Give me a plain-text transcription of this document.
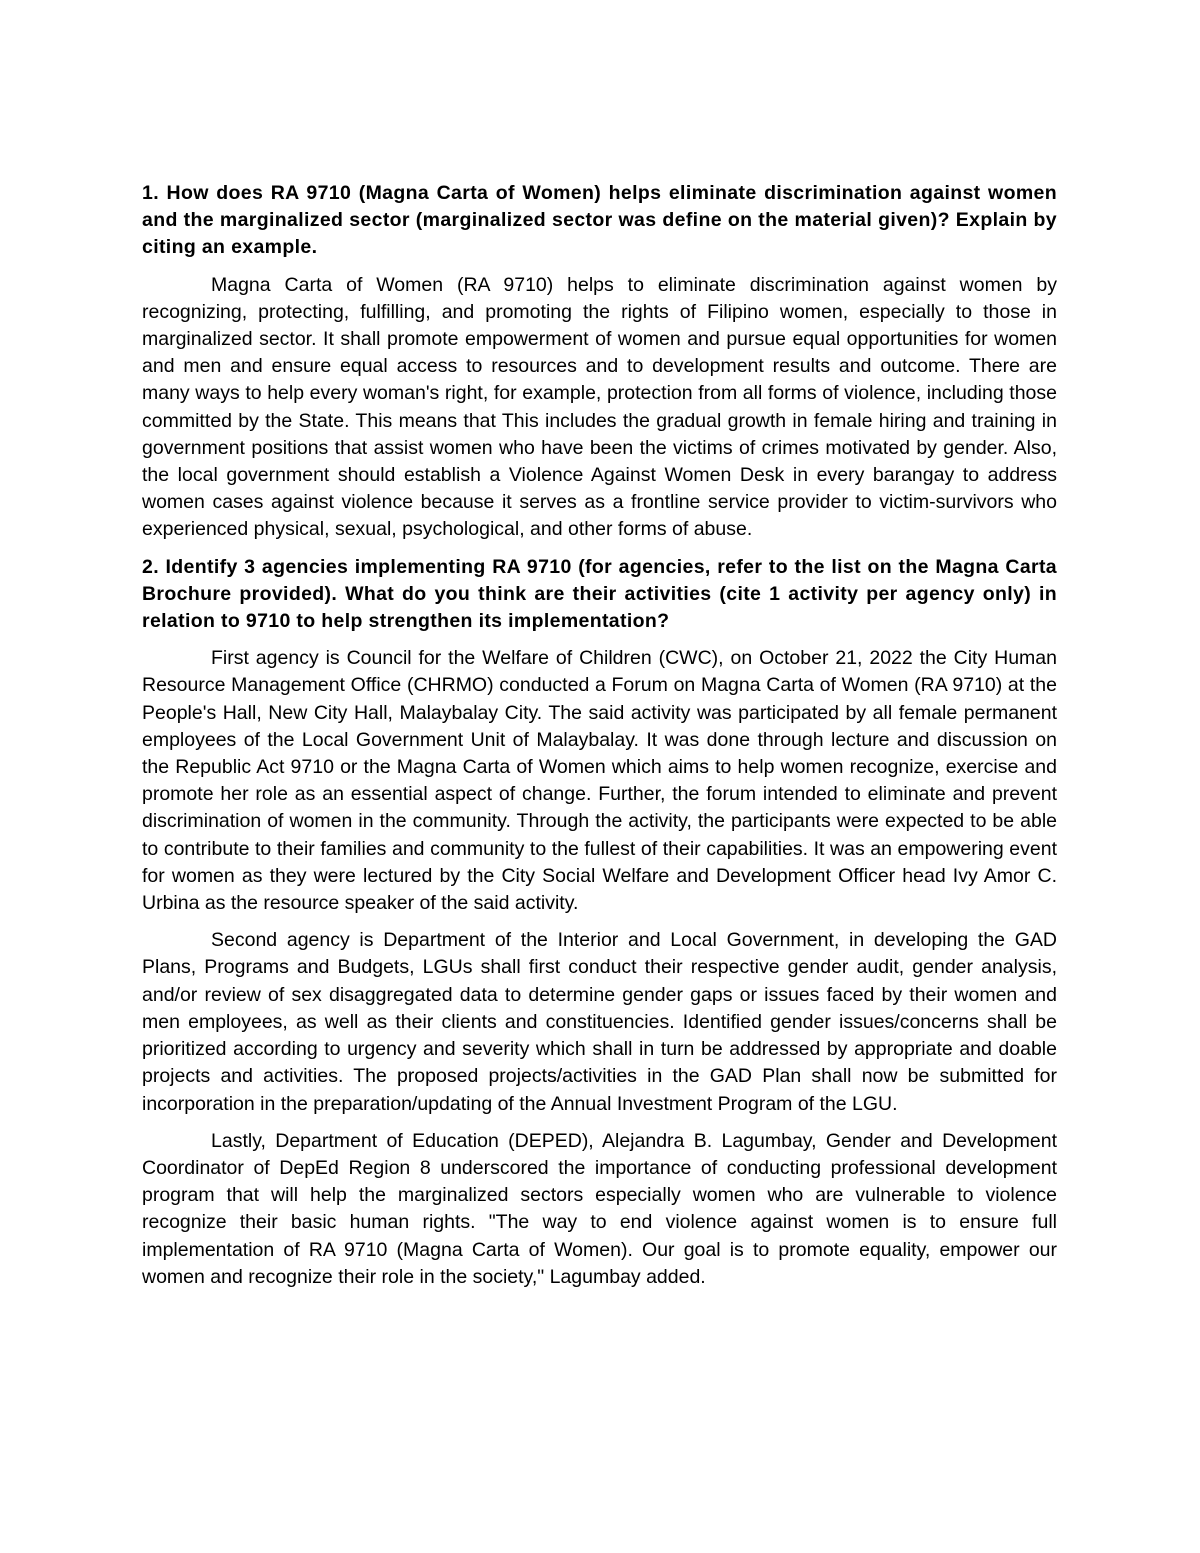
1. How does RA 9710 (Magna Carta of Women) helps eliminate discrimination against women and the marginalized sector (marginalized sector was define on the material given)? Explain by citing an example.

Magna Carta of Women (RA 9710) helps to eliminate discrimination against women by recognizing, protecting, fulfilling, and promoting the rights of Filipino women, especially to those in marginalized sector. It shall promote empowerment of women and pursue equal opportunities for women and men and ensure equal access to resources and to development results and outcome. There are many ways to help every woman's right, for example, protection from all forms of violence, including those committed by the State. This means that This includes the gradual growth in female hiring and training in government positions that assist women who have been the victims of crimes motivated by gender. Also, the local government should establish a Violence Against Women Desk in every barangay to address women cases against violence because it serves as a frontline service provider to victim-survivors who experienced physical, sexual, psychological, and other forms of abuse.

2. Identify 3 agencies implementing RA 9710 (for agencies, refer to the list on the Magna Carta Brochure provided). What do you think are their activities (cite 1 activity per agency only) in relation to 9710 to help strengthen its implementation?

First agency is Council for the Welfare of Children (CWC), on October 21, 2022 the City Human Resource Management Office (CHRMO) conducted a Forum on Magna Carta of Women (RA 9710) at the People's Hall, New City Hall, Malaybalay City. The said activity was participated by all female permanent employees of the Local Government Unit of Malaybalay. It was done through lecture and discussion on the Republic Act 9710 or the Magna Carta of Women which aims to help women recognize, exercise and promote her role as an essential aspect of change. Further, the forum intended to eliminate and prevent discrimination of women in the community. Through the activity, the participants were expected to be able to contribute to their families and community to the fullest of their capabilities. It was an empowering event for women as they were lectured by the City Social Welfare and Development Officer head Ivy Amor C. Urbina as the resource speaker of the said activity.

Second agency is Department of the Interior and Local Government, in developing the GAD Plans, Programs and Budgets, LGUs shall first conduct their respective gender audit, gender analysis, and/or review of sex disaggregated data to determine gender gaps or issues faced by their women and men employees, as well as their clients and constituencies. Identified gender issues/concerns shall be prioritized according to urgency and severity which shall in turn be addressed by appropriate and doable projects and activities. The proposed projects/activities in the GAD Plan shall now be submitted for incorporation in the preparation/updating of the Annual Investment Program of the LGU.

Lastly, Department of Education (DEPED), Alejandra B. Lagumbay, Gender and Development Coordinator of DepEd Region 8 underscored the importance of conducting professional development program that will help the marginalized sectors especially women who are vulnerable to violence recognize their basic human rights. "The way to end violence against women is to ensure full implementation of RA 9710 (Magna Carta of Women). Our goal is to promote equality, empower our women and recognize their role in the society," Lagumbay added.
